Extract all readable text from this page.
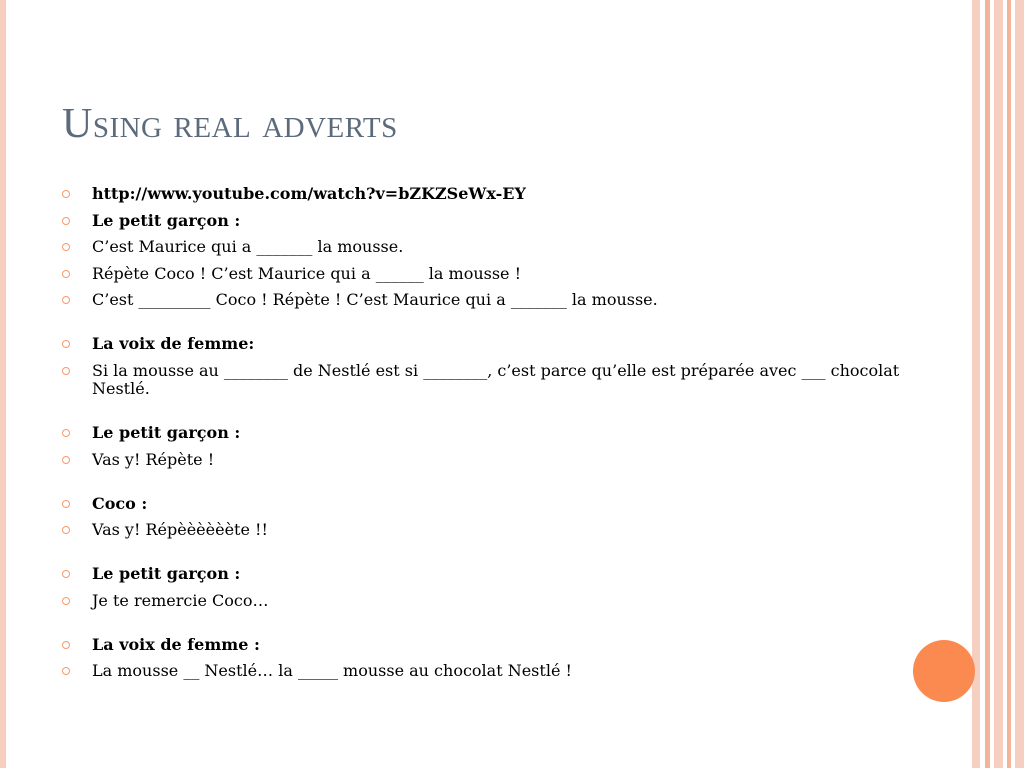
Using real adverts
http://www.youtube.com/watch?v=bZKZSeWx-EY
Le petit garçon :
C’est Maurice qui a _______ la mousse.
Répète Coco ! C’est Maurice qui a ______ la mousse !
C’est _________ Coco ! Répète ! C’est Maurice qui a _______ la mousse.
La voix de femme:
Si la mousse au ________ de Nestlé est si ________, c’est parce qu’elle est préparée avec ___ chocolat Nestlé.
Le petit garçon :
Vas y! Répète !
Coco :
Vas y! Répèèèèèète !!
Le petit garçon :
Je te remercie Coco…
La voix de femme :
La mousse __ Nestlé… la _____ mousse au chocolat Nestlé !
